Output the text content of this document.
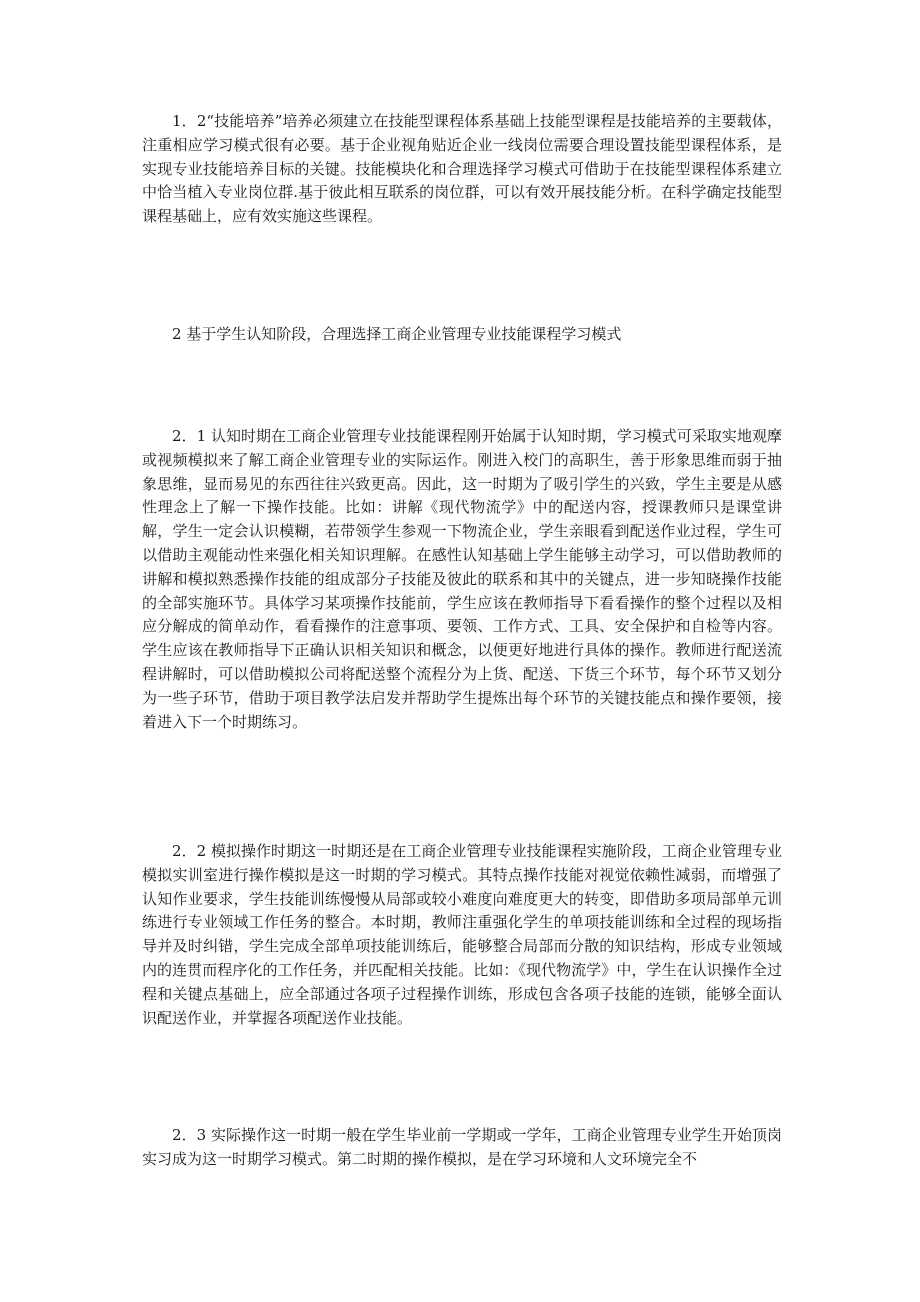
1．2“技能培养”培养必须建立在技能型课程体系基础上技能型课程是技能培养的主要载体，注重相应学习模式很有必要。基于企业视角贴近企业一线岗位需要合理设置技能型课程体系，是实现专业技能培养目标的关键。技能模块化和合理选择学习模式可借助于在技能型课程体系建立中恰当植入专业岗位群.基于彼此相互联系的岗位群，可以有效开展技能分析。在科学确定技能型课程基础上，应有效实施这些课程。

2 基于学生认知阶段，合理选择工商企业管理专业技能课程学习模式

2．1 认知时期在工商企业管理专业技能课程刚开始属于认知时期，学习模式可采取实地观摩或视频模拟来了解工商企业管理专业的实际运作。刚进入校门的高职生，善于形象思维而弱于抽象思维，显而易见的东西往往兴致更高。因此，这一时期为了吸引学生的兴致，学生主要是从感性理念上了解一下操作技能。比如：讲解《现代物流学》中的配送内容，授课教师只是课堂讲解，学生一定会认识模糊，若带领学生参观一下物流企业，学生亲眼看到配送作业过程，学生可以借助主观能动性来强化相关知识理解。在感性认知基础上学生能够主动学习，可以借助教师的讲解和模拟熟悉操作技能的组成部分子技能及彼此的联系和其中的关键点，进一步知晓操作技能的全部实施环节。具体学习某项操作技能前，学生应该在教师指导下看看操作的整个过程以及相应分解成的简单动作，看看操作的注意事项、要领、工作方式、工具、安全保护和自检等内容。学生应该在教师指导下正确认识相关知识和概念，以便更好地进行具体的操作。教师进行配送流程讲解时，可以借助模拟公司将配送整个流程分为上货、配送、下货三个环节，每个环节又划分为一些子环节，借助于项目教学法启发并帮助学生提炼出每个环节的关键技能点和操作要领，接着进入下一个时期练习。

2．2 模拟操作时期这一时期还是在工商企业管理专业技能课程实施阶段，工商企业管理专业模拟实训室进行操作模拟是这一时期的学习模式。其特点操作技能对视觉依赖性减弱，而增强了认知作业要求，学生技能训练慢慢从局部或较小难度向难度更大的转变，即借助多项局部单元训练进行专业领域工作任务的整合。本时期，教师注重强化学生的单项技能训练和全过程的现场指导并及时纠错，学生完成全部单项技能训练后，能够整合局部而分散的知识结构，形成专业领域内的连贯而程序化的工作任务，并匹配相关技能。比如：《现代物流学》中，学生在认识操作全过程和关键点基础上，应全部通过各项子过程操作训练，形成包含各项子技能的连锁，能够全面认识配送作业，并掌握各项配送作业技能。

2．3 实际操作这一时期一般在学生毕业前一学期或一学年，工商企业管理专业学生开始顶岗实习成为这一时期学习模式。第二时期的操作模拟，是在学习环境和人文环境完全不
